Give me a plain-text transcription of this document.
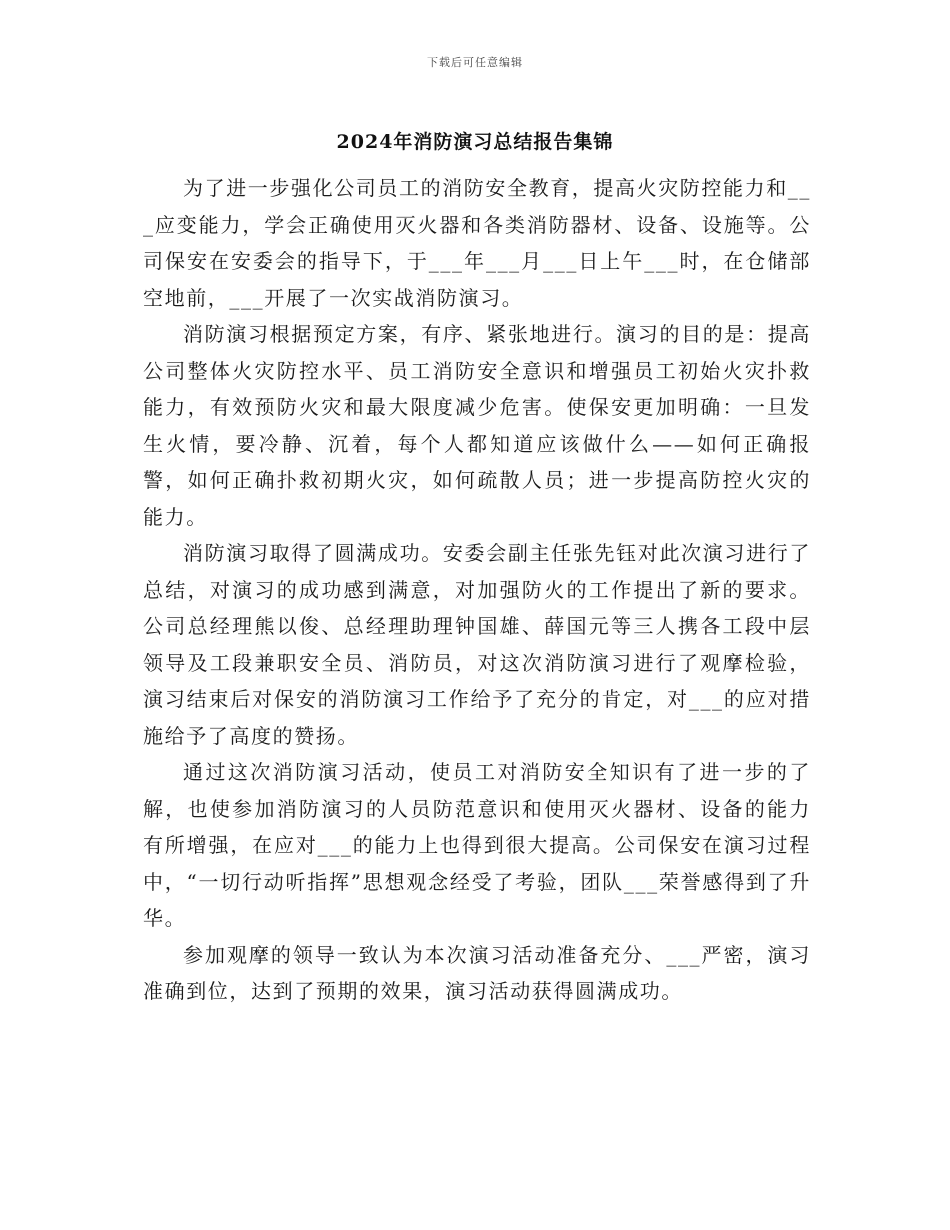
下载后可任意编辑
2024年消防演习总结报告集锦

为了进一步强化公司员工的消防安全教育，提高火灾防控能力和___应变能力，学会正确使用灭火器和各类消防器材、设备、设施等。公司保安在安委会的指导下，于___年___月___日上午___时，在仓储部空地前，___开展了一次实战消防演习。

消防演习根据预定方案，有序、紧张地进行。演习的目的是：提高公司整体火灾防控水平、员工消防安全意识和增强员工初始火灾扑救能力，有效预防火灾和最大限度减少危害。使保安更加明确：一旦发生火情，要冷静、沉着，每个人都知道应该做什么——如何正确报警，如何正确扑救初期火灾，如何疏散人员；进一步提高防控火灾的能力。

消防演习取得了圆满成功。安委会副主任张先钰对此次演习进行了总结，对演习的成功感到满意，对加强防火的工作提出了新的要求。公司总经理熊以俊、总经理助理钟国雄、薛国元等三人携各工段中层领导及工段兼职安全员、消防员，对这次消防演习进行了观摩检验，演习结束后对保安的消防演习工作给予了充分的肯定，对___的应对措施给予了高度的赞扬。

通过这次消防演习活动，使员工对消防安全知识有了进一步的了解，也使参加消防演习的人员防范意识和使用灭火器材、设备的能力有所增强，在应对___的能力上也得到很大提高。公司保安在演习过程中，“一切行动听指挥”思想观念经受了考验，团队___荣誉感得到了升华。

参加观摩的领导一致认为本次演习活动准备充分、___严密，演习准确到位，达到了预期的效果，演习活动获得圆满成功。
